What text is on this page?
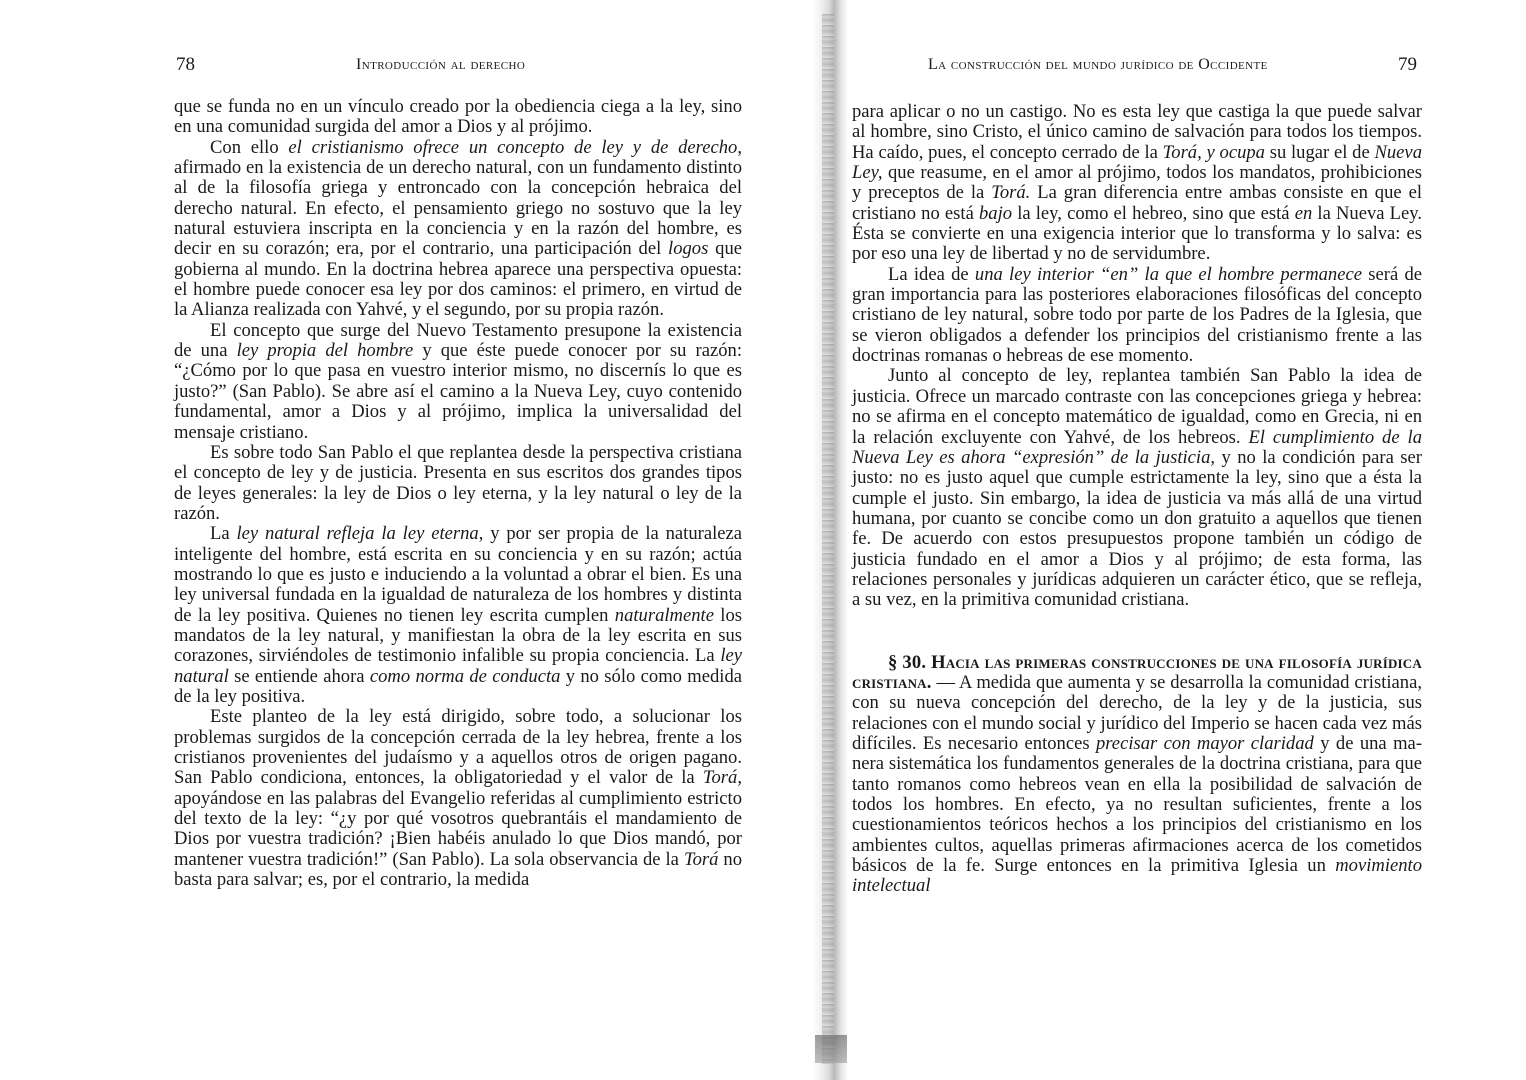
78	Introducción al derecho

que se funda no en un vínculo creado por la obediencia ciega a la ley, sino en una comunidad surgida del amor a Dios y al prójimo.

Con ello el cristianismo ofrece un concepto de ley y de derecho, afirmado en la existencia de un derecho natural, con un fundamento distinto al de la filosofía griega y entroncado con la concepción hebraica del derecho natural. En efecto, el pensamiento griego no sostuvo que la ley natural estuviera inscripta en la conciencia y en la razón del hombre, es decir en su corazón; era, por el contrario, una participación del logos que gobierna al mundo. En la doctrina hebrea aparece una perspectiva opuesta: el hombre puede conocer esa ley por dos caminos: el primero, en virtud de la Alianza realizada con Yahvé, y el segundo, por su propia razón.

El concepto que surge del Nuevo Testamento presupone la existencia de una ley propia del hombre y que éste puede conocer por su razón: “¿Cómo por lo que pasa en vuestro interior mismo, no discernís lo que es justo?” (San Pablo). Se abre así el camino a la Nueva Ley, cuyo contenido fundamental, amor a Dios y al prójimo, implica la universalidad del mensaje cristiano.

Es sobre todo San Pablo el que replantea desde la perspectiva cristiana el concepto de ley y de justicia. Presenta en sus escritos dos grandes tipos de leyes generales: la ley de Dios o ley eterna, y la ley natural o ley de la razón.

La ley natural refleja la ley eterna, y por ser propia de la naturaleza inteligente del hombre, está escrita en su conciencia y en su razón; actúa mostrando lo que es justo e induciendo a la voluntad a obrar el bien. Es una ley universal fundada en la igualdad de naturaleza de los hombres y distinta de la ley positiva. Quienes no tienen ley escrita cumplen naturalmente los mandatos de la ley natural, y manifiestan la obra de la ley escrita en sus corazones, sirviéndoles de testimonio infalible su propia conciencia. La ley natural se entiende ahora como norma de conducta y no sólo como medida de la ley positiva.

Este planteo de la ley está dirigido, sobre todo, a solucionar los problemas surgidos de la concepción cerrada de la ley hebrea, frente a los cristianos provenientes del judaísmo y a aquellos otros de origen pagano. San Pablo condiciona, entonces, la obligatoriedad y el valor de la Torá, apoyándose en las palabras del Evangelio referidas al cumplimiento estricto del texto de la ley: “¿y por qué vosotros quebrantáis el mandamiento de Dios por vuestra tradición? ¡Bien habéis anulado lo que Dios mandó, por mantener vuestra tradición!” (San Pablo). La sola observancia de la Torá no basta para salvar; es, por el contrario, la medida

La construcción del mundo jurídico de Occidente	79

para aplicar o no un castigo. No es esta ley que castiga la que puede salvar al hombre, sino Cristo, el único camino de salvación para todos los tiempos. Ha caído, pues, el concepto cerrado de la Torá, y ocupa su lugar el de Nueva Ley, que reasume, en el amor al prójimo, todos los mandatos, prohibiciones y preceptos de la Torá. La gran diferencia entre ambas consiste en que el cristiano no está bajo la ley, como el hebreo, sino que está en la Nueva Ley. Ésta se convierte en una exigencia interior que lo transforma y lo salva: es por eso una ley de libertad y no de servidumbre.

La idea de una ley interior “en” la que el hombre permanece será de gran importancia para las posteriores elaboraciones filosóficas del concepto cristiano de ley natural, sobre todo por parte de los Padres de la Iglesia, que se vieron obligados a defender los principios del cristianismo frente a las doctrinas romanas o hebreas de ese momento.

Junto al concepto de ley, replantea también San Pablo la idea de justicia. Ofrece un marcado contraste con las concepciones griega y hebrea: no se afirma en el concepto matemático de igualdad, como en Grecia, ni en la relación excluyente con Yahvé, de los hebreos. El cumplimiento de la Nueva Ley es ahora “expresión” de la justicia, y no la condición para ser justo: no es justo aquel que cumple estrictamente la ley, sino que a ésta la cumple el justo. Sin embargo, la idea de justicia va más allá de una virtud humana, por cuanto se concibe como un don gratuito a aquellos que tienen fe. De acuerdo con estos presupuestos propone también un código de justicia fundado en el amor a Dios y al prójimo; de esta forma, las relaciones personales y jurídicas adquieren un carácter ético, que se refleja, a su vez, en la primitiva comunidad cristiana.

§ 30. Hacia las primeras construcciones de una filosofía jurídica cristiana. — A medida que aumenta y se desarrolla la comunidad cristiana, con su nueva concepción del derecho, de la ley y de la justicia, sus relaciones con el mundo social y jurídico del Imperio se hacen cada vez más difíciles. Es necesario entonces precisar con mayor claridad y de una manera sistemática los fundamentos generales de la doctrina cristiana, para que tanto romanos como hebreos vean en ella la posibilidad de salvación de todos los hombres. En efecto, ya no resultan suficientes, frente a los cuestionamientos teóricos hechos a los principios del cristianismo en los ambientes cultos, aquellas primeras afirmaciones acerca de los cometidos básicos de la fe. Surge entonces en la primitiva Iglesia un movimiento intelectual
